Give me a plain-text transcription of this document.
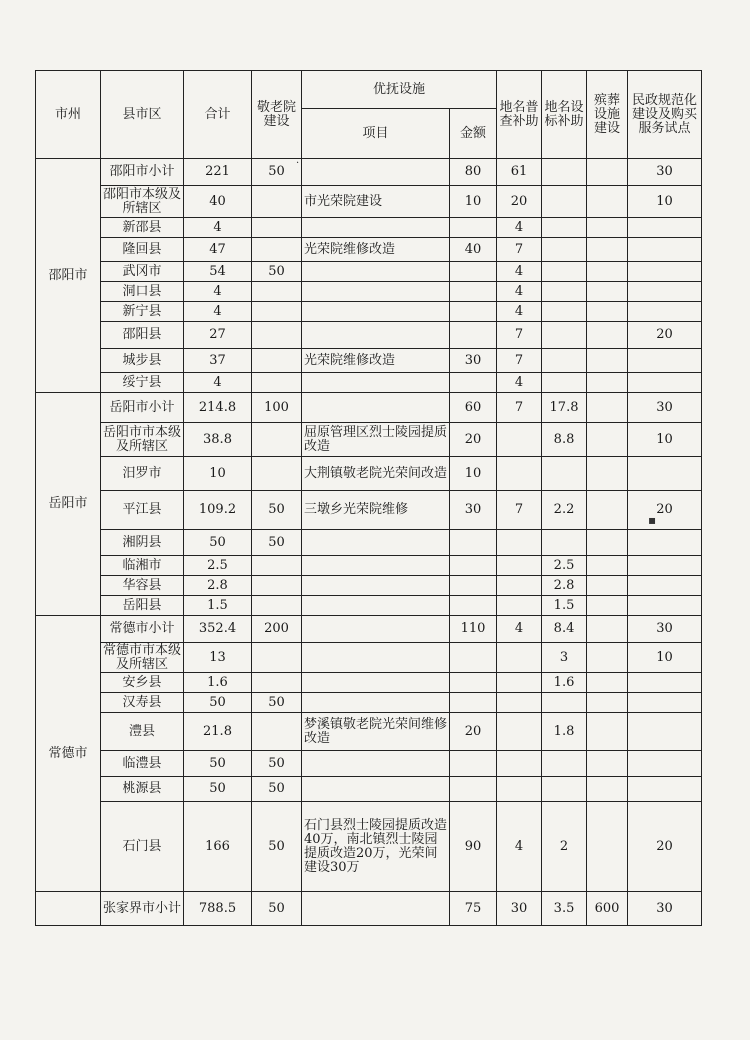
市州	县市区	合计	敬老院建设	优抚设施		地名普查补助	地名设标补助	殡葬设施建设	民政规范化建设及购买服务试点
				项目	金额				
邵阳市	邵阳市小计	221	50		80	61			30
	邵阳市本级及所辖区	40		市光荣院建设	10	20			10
	新邵县	4				4			
	隆回县	47		光荣院维修改造	40	7			
	武冈市	54	50			4			
	洞口县	4				4			
	新宁县	4				4			
	邵阳县	27				7			20
	城步县	37		光荣院维修改造	30	7			
	绥宁县	4				4			
岳阳市	岳阳市小计	214.8	100		60	7	17.8		30
	岳阳市市本级及所辖区	38.8		屈原管理区烈士陵园提质改造	20		8.8		10
	汨罗市	10		大荆镇敬老院光荣间改造	10				
	平江县	109.2	50	三墩乡光荣院维修	30	7	2.2		20
	湘阴县	50	50						
	临湘市	2.5					2.5		
	华容县	2.8					2.8		
	岳阳县	1.5					1.5		
常德市	常德市小计	352.4	200		110	4	8.4		30
	常德市市本级及所辖区	13					3		10
	安乡县	1.6					1.6		
	汉寿县	50	50						
	澧县	21.8		梦溪镇敬老院光荣间维修改造	20		1.8		
	临澧县	50	50						
	桃源县	50	50						
	石门县	166	50	石门县烈士陵园提质改造40万，南北镇烈士陵园提质改造20万，光荣间建设30万	90	4	2		20
	张家界市小计	788.5	50		75	30	3.5	600	30
·
▪
